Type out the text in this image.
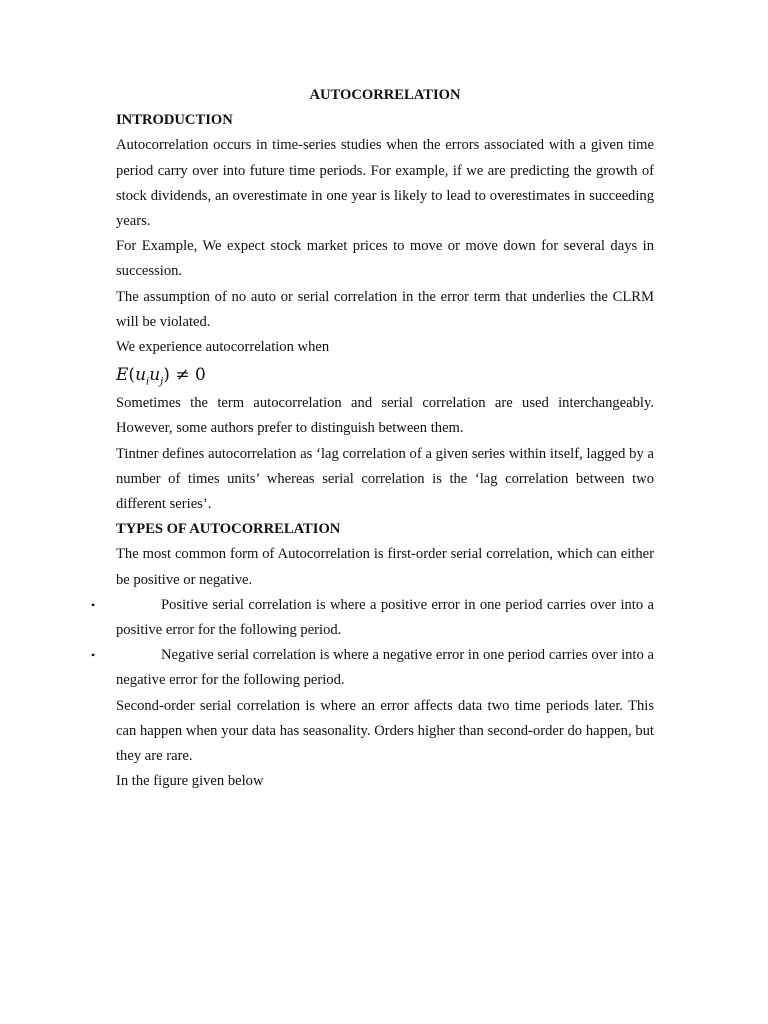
AUTOCORRELATION

INTRODUCTION

Autocorrelation occurs in time-series studies when the errors associated with a given time period carry over into future time periods. For example, if we are predicting the growth of stock dividends, an overestimate in one year is likely to lead to overestimates in succeeding years.

For Example, We expect stock market prices to move or move down for several days in succession.

The assumption of no auto or serial correlation in the error term that underlies the CLRM will be violated.

We experience autocorrelation when

$E(u_iu_j) \ne 0$

Sometimes the term autocorrelation and serial correlation are used interchangeably. However, some authors prefer to distinguish between them.

Tintner defines autocorrelation as ‘lag correlation of a given series within itself, lagged by a number of times units’ whereas serial correlation is the ‘lag correlation between two different series’.

TYPES OF AUTOCORRELATION

The most common form of Autocorrelation is first-order serial correlation, which can either be positive or negative.

•	Positive serial correlation is where a positive error in one period carries over into a positive error for the following period.
•	Negative serial correlation is where a negative error in one period carries over into a negative error for the following period.

Second-order serial correlation is where an error affects data two time periods later. This can happen when your data has seasonality. Orders higher than second-order do happen, but they are rare.

In the figure given below
